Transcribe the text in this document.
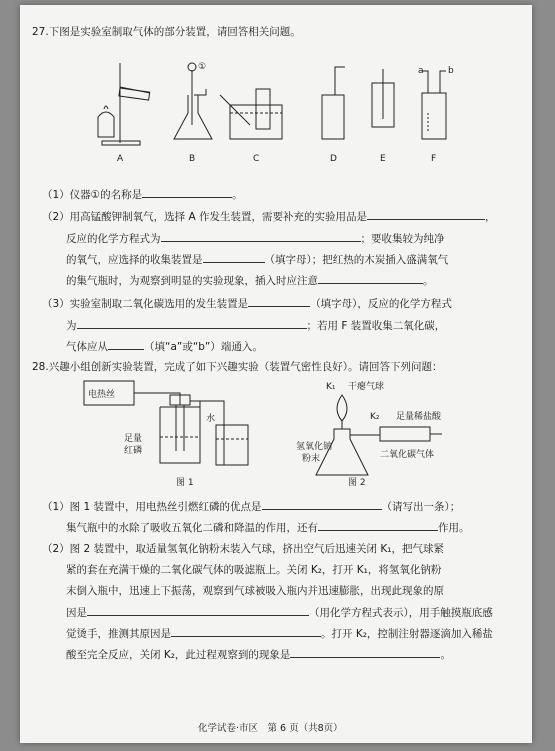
27.下图是实验室制取气体的部分装置，请回答相关问题。
①	a	b
A	B	C	D	E	F
（1）仪器①的名称是	。
（2）用高锰酸钾制氧气，选择 A 作发生装置，需要补充的实验用品是	，
反应的化学方程式为	；要收集较为纯净
的氧气，应选择的收集装置是	（填字母）；把红热的木炭插入盛满氧气
的集气瓶时，为观察到明显的实验现象，插入时应注意	。
（3）实验室制取二氧化碳选用的发生装置是	（填字母），反应的化学方程式
为	；若用 F 装置收集二氧化碳，
气体应从	（填“a”或“b”）端通入。
28.兴趣小组创新实验装置，完成了如下兴趣实验（装置气密性良好）。请回答下列问题：
电热丝
水
足量红磷
图 1
K₁ 干瘪气球
K₂ 足量稀盐酸
氢氧化钠粉末	二氧化碳气体
图 2
（1）图 1 装置中，用电热丝引燃红磷的优点是	（请写出一条）；
集气瓶中的水除了吸收五氧化二磷和降温的作用，还有	作用。
（2）图 2 装置中，取适量氢氧化钠粉末装入气球，挤出空气后迅速关闭 K₁，把气球紧
紧的套在充满干燥的二氧化碳气体的吸滤瓶上。关闭 K₂，打开 K₁，将氢氧化钠粉
末倒入瓶中，迅速上下振荡，观察到气球被吸入瓶内并迅速膨胀，出现此现象的原
因是	（用化学方程式表示），用手触摸瓶底感
觉烫手，推测其原因是	。打开 K₂，控制注射器逐滴加入稀盐
酸至完全反应，关闭 K₂，此过程观察到的现象是	。
化学试卷·市区　第 6 页（共8页）
